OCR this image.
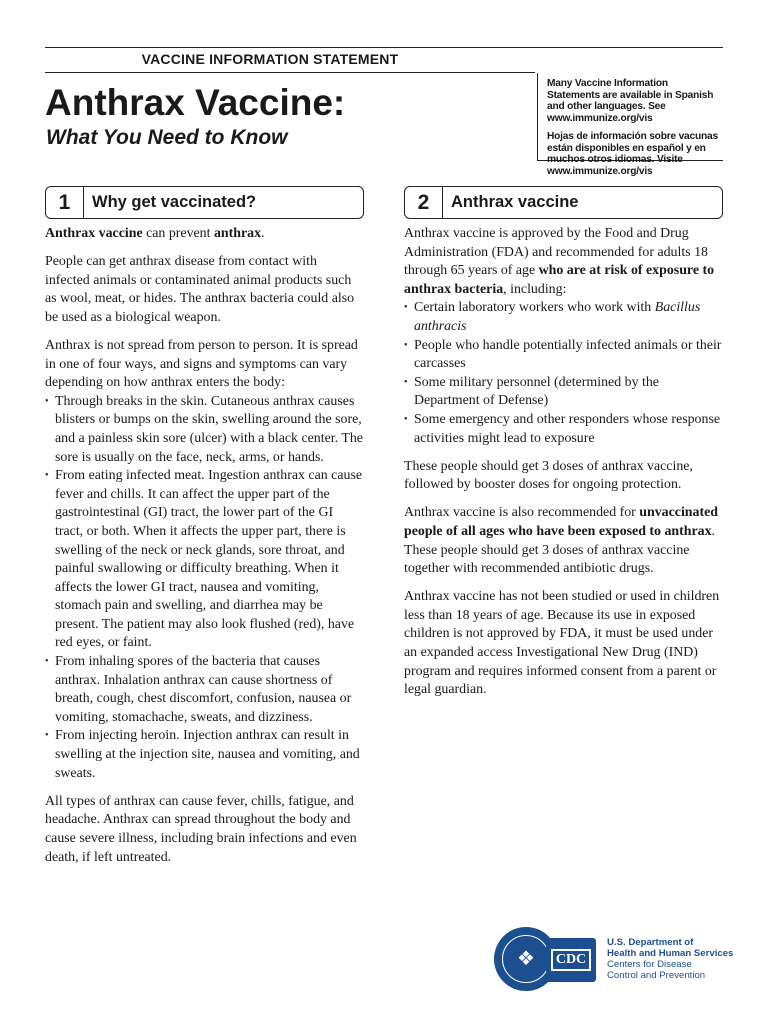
VACCINE INFORMATION STATEMENT
Anthrax Vaccine:
What You Need to Know

Many Vaccine Information Statements are available in Spanish and other languages. See www.immunize.org/vis

Hojas de información sobre vacunas están disponibles en español y en muchos otros idiomas. Visite www.immunize.org/vis

1	Why get vaccinated?	2	Anthrax vaccine

Anthrax vaccine can prevent anthrax.

People can get anthrax disease from contact with infected animals or contaminated animal products such as wool, meat, or hides. The anthrax bacteria could also be used as a biological weapon.

Anthrax is not spread from person to person. It is spread in one of four ways, and signs and symptoms can vary depending on how anthrax enters the body:

• Through breaks in the skin. Cutaneous anthrax causes blisters or bumps on the skin, swelling around the sore, and a painless skin sore (ulcer) with a black center. The sore is usually on the face, neck, arms, or hands.
• From eating infected meat. Ingestion anthrax can cause fever and chills. It can affect the upper part of the gastrointestinal (GI) tract, the lower part of the GI tract, or both. When it affects the upper part, there is swelling of the neck or neck glands, sore throat, and painful swallowing or difficulty breathing. When it affects the lower GI tract, nausea and vomiting, stomach pain and swelling, and diarrhea may be present. The patient may also look flushed (red), have red eyes, or faint.
• From inhaling spores of the bacteria that causes anthrax. Inhalation anthrax can cause shortness of breath, cough, chest discomfort, confusion, nausea or vomiting, stomachache, sweats, and dizziness.
• From injecting heroin. Injection anthrax can result in swelling at the injection site, nausea and vomiting, and sweats.

All types of anthrax can cause fever, chills, fatigue, and headache. Anthrax can spread throughout the body and cause severe illness, including brain infections and even death, if left untreated.

Anthrax vaccine is approved by the Food and Drug Administration (FDA) and recommended for adults 18 through 65 years of age who are at risk of exposure to anthrax bacteria, including:

• Certain laboratory workers who work with Bacillus anthracis
• People who handle potentially infected animals or their carcasses
• Some military personnel (determined by the Department of Defense)
• Some emergency and other responders whose response activities might lead to exposure

These people should get 3 doses of anthrax vaccine, followed by booster doses for ongoing protection.

Anthrax vaccine is also recommended for unvaccinated people of all ages who have been exposed to anthrax. These people should get 3 doses of anthrax vaccine together with recommended antibiotic drugs.

Anthrax vaccine has not been studied or used in children less than 18 years of age. Because its use in exposed children is not approved by FDA, it must be used under an expanded access Investigational New Drug (IND) program and requires informed consent from a parent or legal guardian.

❖	CDC
U.S. Department of
Health and Human Services
Centers for Disease
Control and Prevention
